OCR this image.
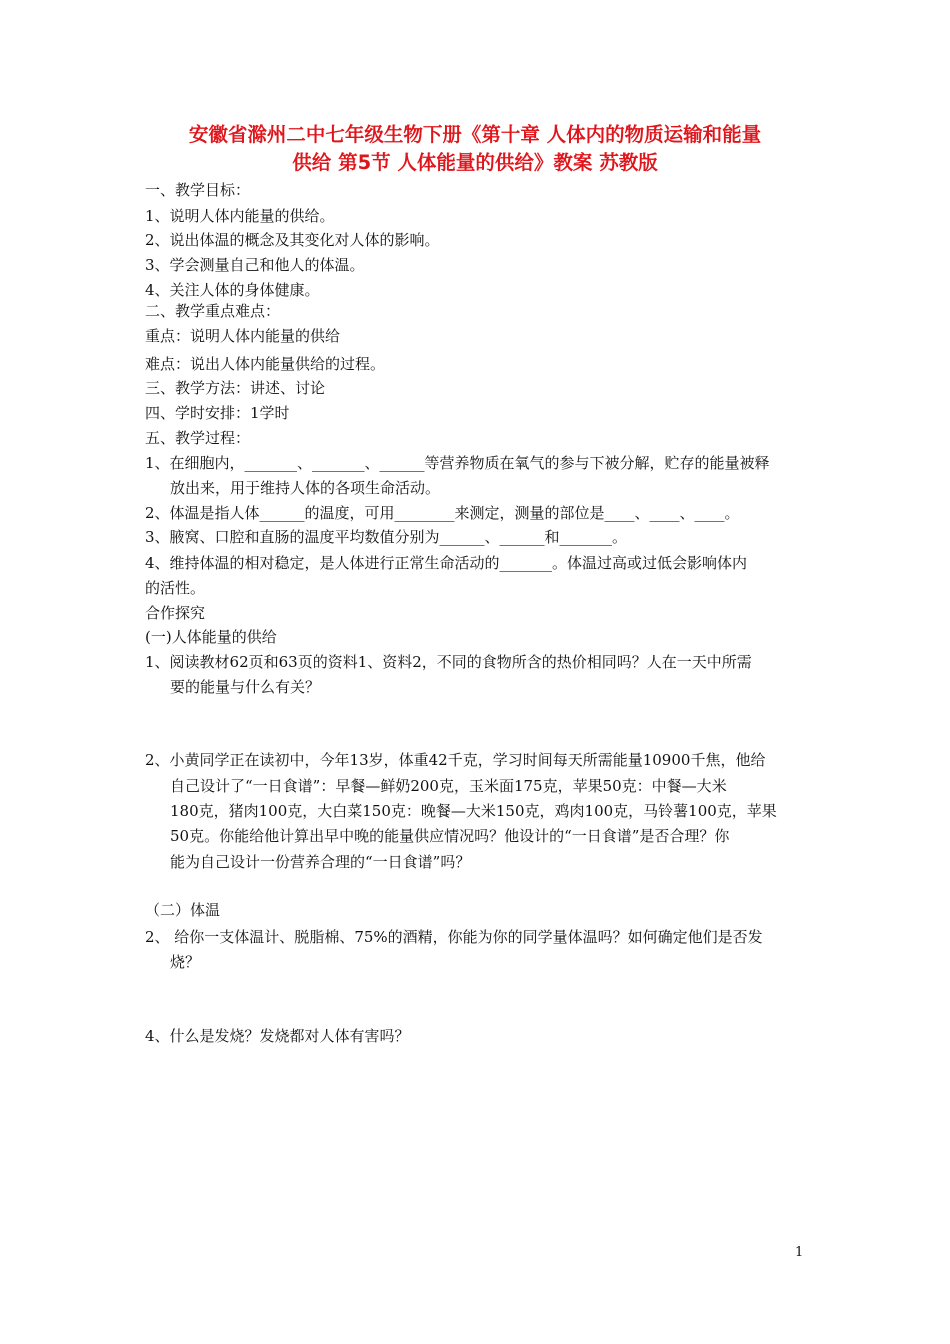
安徽省滁州二中七年级生物下册《第十章 人体内的物质运输和能量
供给 第5节 人体能量的供给》教案 苏教版
一、教学目标：
1、说明人体内能量的供给。
2、说出体温的概念及其变化对人体的影响。
3、学会测量自己和他人的体温。
4、关注人体的身体健康。
二、教学重点难点：
重点：说明人体内能量的供给
难点：说出人体内能量供给的过程。
三、教学方法：讲述、讨论
四、学时安排：1学时
五、教学过程：
1、在细胞内，_______、_______、______等营养物质在氧气的参与下被分解，贮存的能量被释
放出来，用于维持人体的各项生命活动。
2、体温是指人体______的温度，可用________来测定，测量的部位是____、____、____。
3、腋窝、口腔和直肠的温度平均数值分别为______、______和_______。
4、维持体温的相对稳定，是人体进行正常生命活动的_______。体温过高或过低会影响体内
的活性。
合作探究
(一)人体能量的供给
1、阅读教材62页和63页的资料1、资料2，不同的食物所含的热价相同吗？人在一天中所需
要的能量与什么有关？
2、小黄同学正在读初中，今年13岁，体重42千克，学习时间每天所需能量10900千焦，他给
自己设计了“一日食谱”：早餐—鲜奶200克，玉米面175克，苹果50克：中餐—大米
180克，猪肉100克，大白菜150克：晚餐—大米150克，鸡肉100克，马铃薯100克，苹果
50克。你能给他计算出早中晚的能量供应情况吗？他设计的“一日食谱”是否合理？你
能为自己设计一份营养合理的“一日食谱”吗？
（二）体温
2、 给你一支体温计、脱脂棉、75%的酒精，你能为你的同学量体温吗？如何确定他们是否发
烧？
4、什么是发烧？发烧都对人体有害吗？
1
